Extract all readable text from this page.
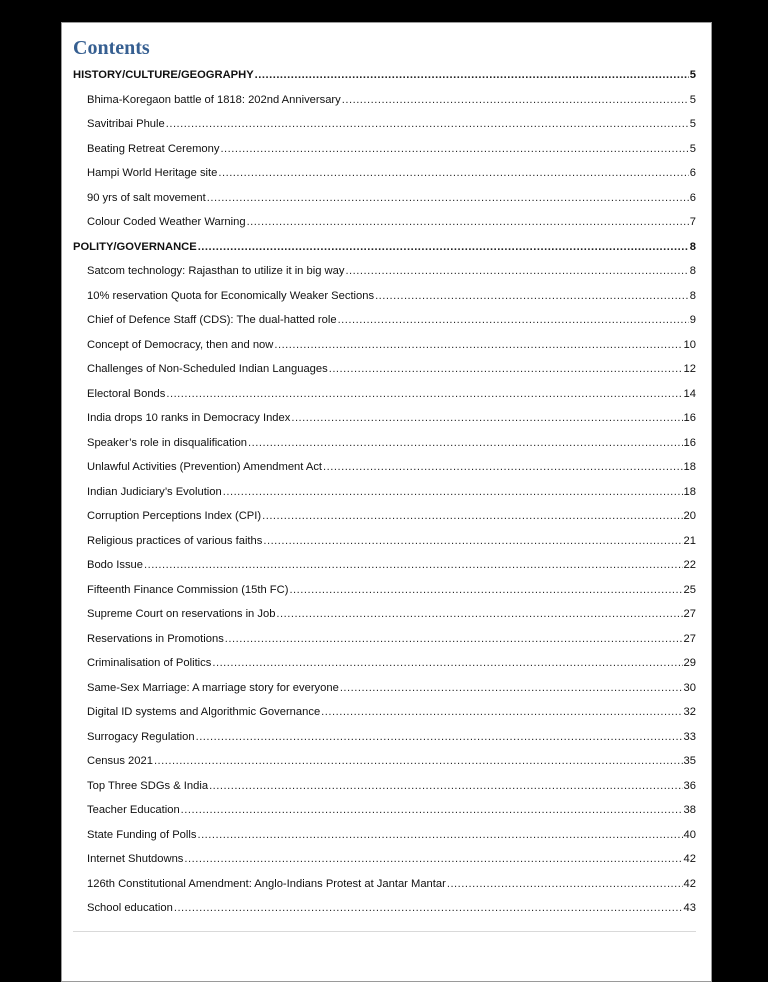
Contents
HISTORY/CULTURE/GEOGRAPHY .....	5
Bhima-Koregaon battle of 1818: 202nd Anniversary .....	5
Savitribai Phule .....	5
Beating Retreat Ceremony .....	5
Hampi World Heritage site .....	6
90 yrs of salt movement .....	6
Colour Coded Weather Warning .....	7
POLITY/GOVERNANCE .....	8
Satcom technology: Rajasthan to utilize it in big way .....	8
10% reservation Quota for Economically Weaker Sections .....	8
Chief of Defence Staff (CDS): The dual-hatted role .....	9
Concept of Democracy, then and now .....	10
Challenges of Non-Scheduled Indian Languages .....	12
Electoral Bonds .....	14
India drops 10 ranks in Democracy Index .....	16
Speaker’s role in disqualification .....	16
Unlawful Activities (Prevention) Amendment Act .....	18
Indian Judiciary’s Evolution .....	18
Corruption Perceptions Index (CPI) .....	20
Religious practices of various faiths .....	21
Bodo Issue .....	22
Fifteenth Finance Commission (15th FC) .....	25
Supreme Court on reservations in Job .....	27
Reservations in Promotions .....	27
Criminalisation of Politics .....	29
Same-Sex Marriage: A marriage story for everyone .....	30
Digital ID systems and Algorithmic Governance .....	32
Surrogacy Regulation .....	33
Census 2021 .....	35
Top Three SDGs & India .....	36
Teacher Education .....	38
State Funding of Polls .....	40
Internet Shutdowns .....	42
126th Constitutional Amendment: Anglo-Indians Protest at Jantar Mantar .....	42
School education .....	43
